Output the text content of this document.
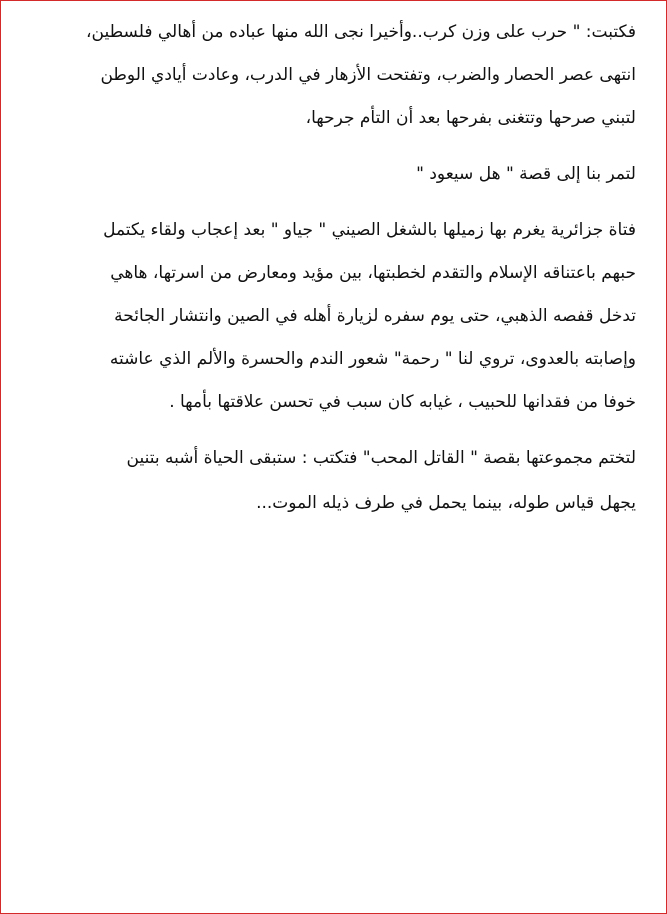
فكتبت: " حرب على وزن كرب..وأخيرا نجى الله منها عباده من أهالي فلسطين،
انتهى عصر الحصار والضرب، وتفتحت الأزهار في الدرب، وعادت أيادي الوطن
لتبني صرحها وتتغنى بفرحها بعد أن التأم جرحها،

لتمر بنا إلى قصة " هل سيعود "

فتاة جزائرية يغرم بها زميلها بالشغل الصيني " جياو " بعد إعجاب ولقاء يكتمل
حبهم باعتناقه الإسلام والتقدم لخطبتها، بين مؤيد ومعارض من اسرتها، هاهي
تدخل قفصه الذهبي، حتى يوم سفره لزيارة أهله في الصين وانتشار الجائحة
وإصابته بالعدوى، تروي لنا " رحمة" شعور الندم والحسرة والألم الذي عاشته
خوفا من فقدانها للحبيب ، غيابه كان سبب في تحسن علاقتها بأمها .

لتختم مجموعتها بقصة " القاتل المحب" فتكتب : ستبقى الحياة أشبه بتنين
يجهل قياس طوله، بينما يحمل في طرف ذيله الموت...
